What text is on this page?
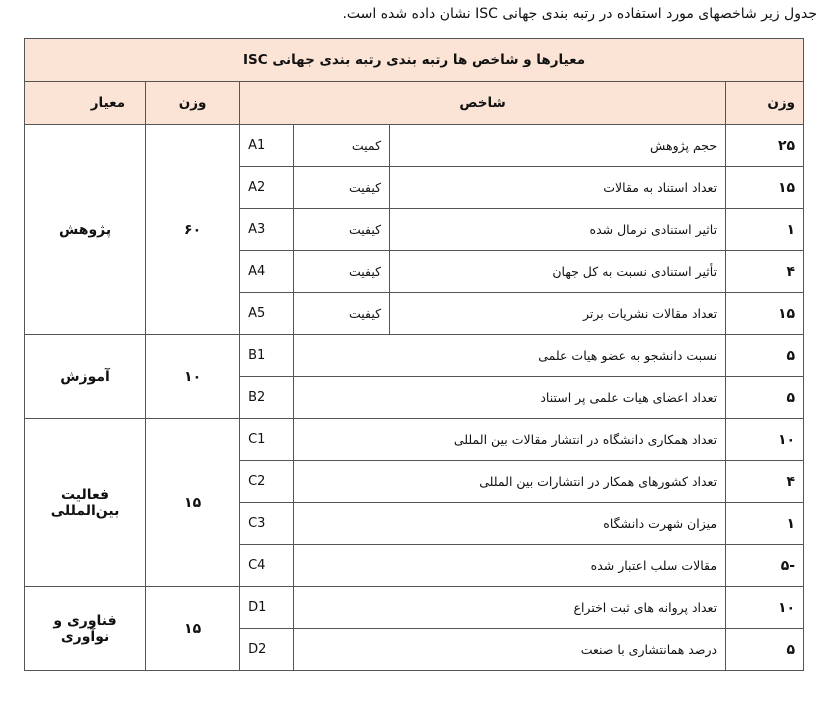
جدول زیر شاخصهای مورد استفاده در رتبه بندی جهانی ISC نشان داده شده است.
معیارها و شاخص ها رتبه بندی رتبه بندی جهانی ISC					
وزن	شاخص			وزن	معیار
۲۵	حجم پژوهش	کمیت	A1	۶۰	پژوهش
۱۵	تعداد استناد به مقالات	کیفیت	A2		
۱	تاثیر استنادی نرمال شده	کیفیت	A3		
۴	تأثیر استنادی نسبت به کل جهان	کیفیت	A4		
۱۵	تعداد مقالات نشریات برتر	کیفیت	A5		
۵	نسبت دانشجو به عضو هیات علمی		B1	۱۰	آموزش
۵	تعداد اعضای هیات علمی پر استناد		B2		
۱۰	تعداد همکاری دانشگاه در انتشار مقالات بین المللی		C1	۱۵	فعالیت بین‌المللی
۴	تعداد کشورهای همکار در انتشارات بین المللی		C2		
۱	میزان شهرت دانشگاه		C3		
-۵	مقالات سلب اعتبار شده		C4		
۱۰	تعداد پروانه های ثبت اختراع		D1	۱۵	فناوری و نوآوری
۵	درصد همانتشاری با صنعت		D2		
